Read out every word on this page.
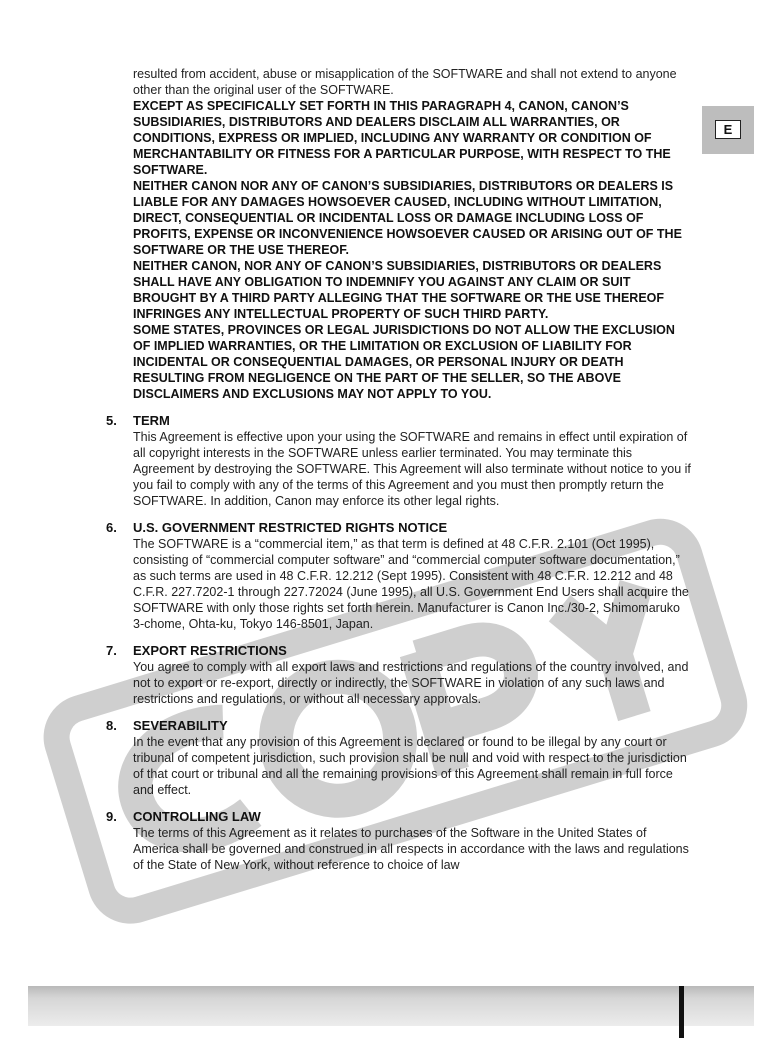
E

resulted from accident, abuse or misapplication of the SOFTWARE and shall not extend to anyone other than the original user of the SOFTWARE.

EXCEPT AS SPECIFICALLY SET FORTH IN THIS PARAGRAPH 4, CANON, CANON’S SUBSIDIARIES, DISTRIBUTORS AND DEALERS DISCLAIM ALL WARRANTIES, OR CONDITIONS, EXPRESS OR IMPLIED, INCLUDING ANY WARRANTY OR CONDITION OF MERCHANTABILITY OR FITNESS FOR A PARTICULAR PURPOSE, WITH RESPECT TO THE SOFTWARE.

NEITHER CANON NOR ANY OF CANON’S SUBSIDIARIES, DISTRIBUTORS OR DEALERS IS LIABLE FOR ANY DAMAGES HOWSOEVER CAUSED, INCLUDING WITHOUT LIMITATION, DIRECT, CONSEQUENTIAL OR INCIDENTAL LOSS OR DAMAGE INCLUDING LOSS OF PROFITS, EXPENSE OR INCONVENIENCE HOWSOEVER CAUSED OR ARISING OUT OF THE SOFTWARE OR THE USE THEREOF.

NEITHER CANON, NOR ANY OF CANON’S SUBSIDIARIES, DISTRIBUTORS OR DEALERS SHALL HAVE ANY OBLIGATION TO INDEMNIFY YOU AGAINST ANY CLAIM OR SUIT BROUGHT BY A THIRD PARTY ALLEGING THAT THE SOFTWARE OR THE USE THEREOF INFRINGES ANY INTELLECTUAL PROPERTY OF SUCH THIRD PARTY.

SOME STATES, PROVINCES OR LEGAL JURISDICTIONS DO NOT ALLOW THE EXCLUSION OF IMPLIED WARRANTIES, OR THE LIMITATION OR EXCLUSION OF LIABILITY FOR INCIDENTAL OR CONSEQUENTIAL DAMAGES, OR PERSONAL INJURY OR DEATH RESULTING FROM NEGLIGENCE ON THE PART OF THE SELLER, SO THE ABOVE DISCLAIMERS AND EXCLUSIONS MAY NOT APPLY TO YOU.

5.	TERM

This Agreement is effective upon your using the SOFTWARE and remains in effect until expiration of all copyright interests in the SOFTWARE unless earlier terminated. You may terminate this Agreement by destroying the SOFTWARE. This Agreement will also terminate without notice to you if you fail to comply with any of the terms of this Agreement and you must then promptly return the SOFTWARE. In addition, Canon may enforce its other legal rights.

6.	U.S. GOVERNMENT RESTRICTED RIGHTS NOTICE

The SOFTWARE is a “commercial item,” as that term is defined at 48 C.F.R. 2.101 (Oct 1995), consisting of “commercial computer software” and “commercial computer software documentation,” as such terms are used in 48 C.F.R. 12.212 (Sept 1995). Consistent with 48 C.F.R. 12.212 and 48 C.F.R. 227.7202-1 through 227.72024 (June 1995), all U.S. Government End Users shall acquire the SOFTWARE with only those rights set forth herein. Manufacturer is Canon Inc./30-2, Shimomaruko 3-chome, Ohta-ku, Tokyo 146-8501, Japan.

7.	EXPORT RESTRICTIONS

You agree to comply with all export laws and restrictions and regulations of the country involved, and not to export or re-export, directly or indirectly, the SOFTWARE in violation of any such laws and restrictions and regulations, or without all necessary approvals.

8.	SEVERABILITY

In the event that any provision of this Agreement is declared or found to be illegal by any court or tribunal of competent jurisdiction, such provision shall be null and void with respect to the jurisdiction of that court or tribunal and all the remaining provisions of this Agreement shall remain in full force and effect.

9.	CONTROLLING LAW

The terms of this Agreement as it relates to purchases of the Software in the United States of America shall be governed and construed in all respects in accordance with the laws and regulations of the State of New York, without reference to choice of law
